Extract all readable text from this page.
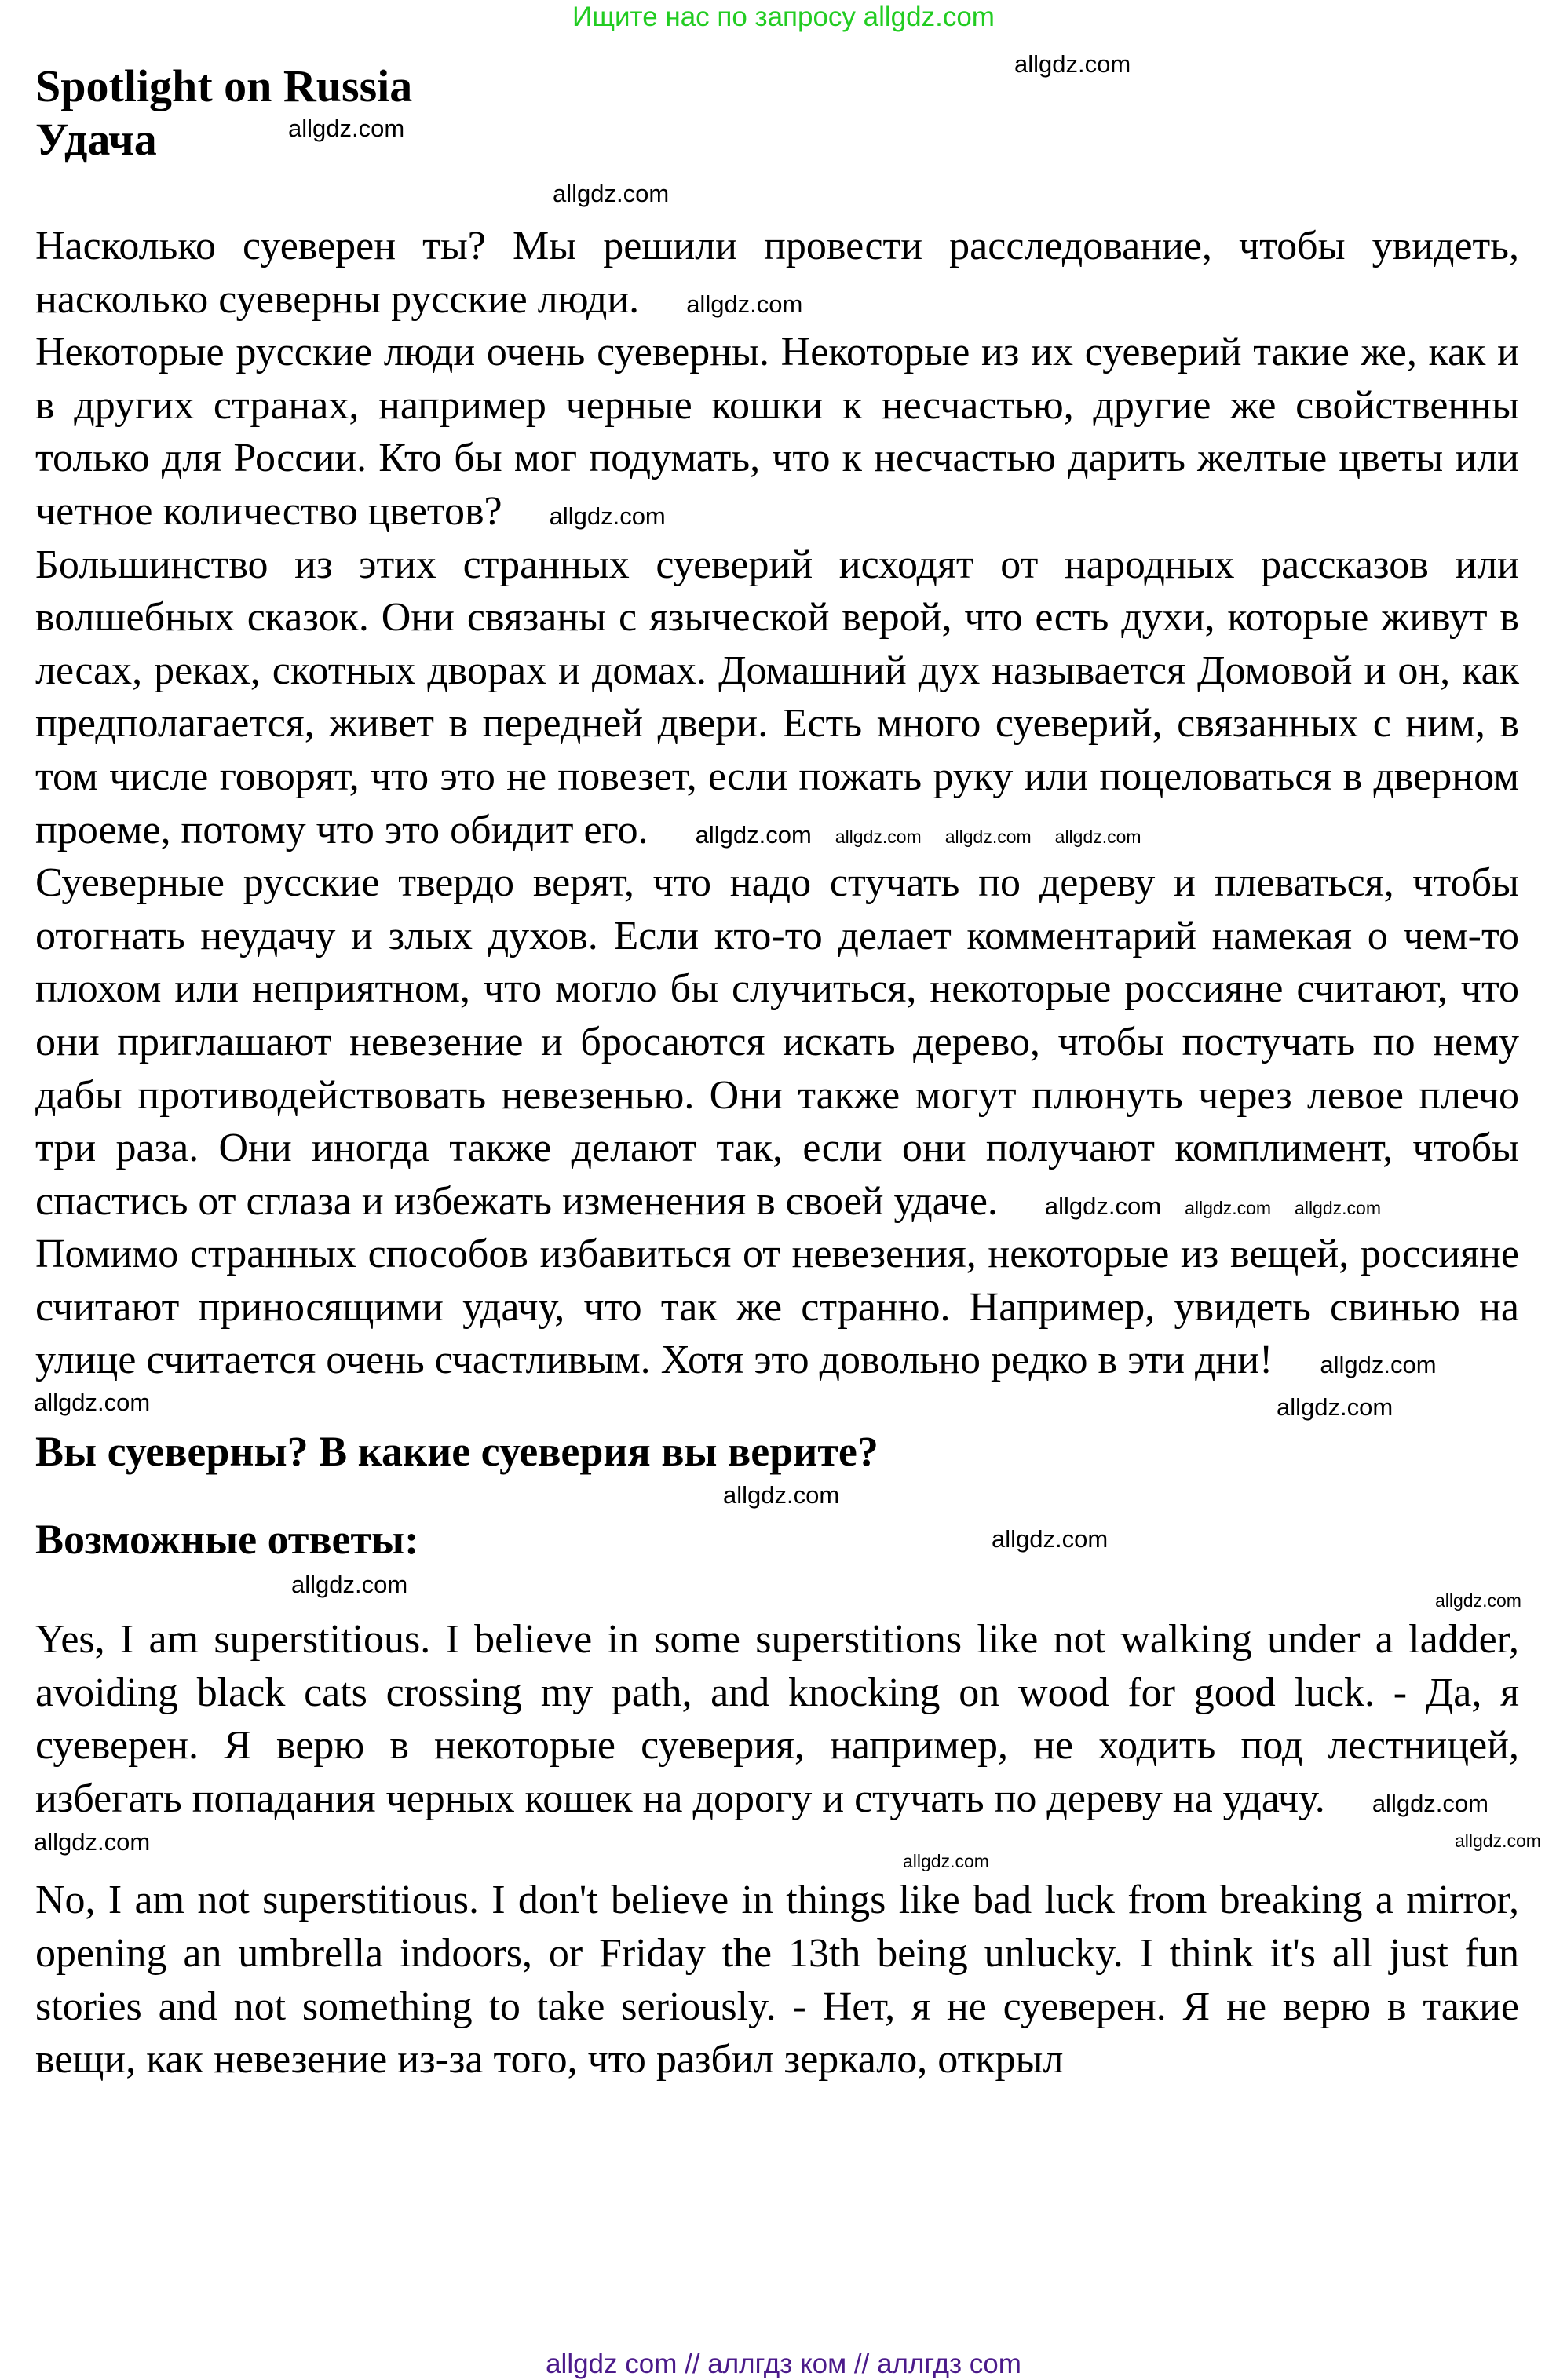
Ищите нас по запросу allgdz.com
Spotlight on Russia
Удача
allgdz.com
allgdz.com
allgdz.com

Насколько суеверен ты? Мы решили провести расследование, чтобы увидеть, насколько суеверны русские люди. allgdz.com

Некоторые русские люди очень суеверны. Некоторые из их суеверий такие же, как и в других странах, например черные кошки к несчастью, другие же свойственны только для России. Кто бы мог подумать, что к несчастью дарить желтые цветы или четное количество цветов? allgdz.com

Большинство из этих странных суеверий исходят от народных рассказов или волшебных сказок. Они связаны с языческой верой, что есть духи, которые живут в лесах, реках, скотных дворах и домах. Домашний дух называется Домовой и он, как предполагается, живет в передней двери. Есть много суеверий, связанных с ним, в том числе говорят, что это не повезет, если пожать руку или поцеловаться в дверном проеме, потому что это обидит его. allgdz.com allgdz.com allgdz.com allgdz.com

Суеверные русские твердо верят, что надо стучать по дереву и плеваться, чтобы отогнать неудачу и злых духов. Если кто-то делает комментарий намекая о чем-то плохом или неприятном, что могло бы случиться, некоторые россияне считают, что они приглашают невезение и бросаются искать дерево, чтобы постучать по нему дабы противодействовать невезенью. Они также могут плюнуть через левое плечо три раза. Они иногда также делают так, если они получают комплимент, чтобы спастись от сглаза и избежать изменения в своей удаче. allgdz.com allgdz.com allgdz.com

Помимо странных способов избавиться от невезения, некоторые из вещей, россияне считают приносящими удачу, что так же странно. Например, увидеть свинью на улице считается очень счастливым. Хотя это довольно редко в эти дни! allgdz.com

allgdz.com	allgdz.com
Вы суеверны? В какие суеверия вы верите?
allgdz.com
Возможные ответы:	allgdz.com
allgdz.com
allgdz.com

Yes, I am superstitious. I believe in some superstitions like not walking under a ladder, avoiding black cats crossing my path, and knocking on wood for good luck. - Да, я суеверен. Я верю в некоторые суеверия, например, не ходить под лестницей, избегать попадания черных кошек на дорогу и стучать по дереву на удачу. allgdz.com

allgdz.com	allgdz.com
allgdz.com

No, I am not superstitious. I don't believe in things like bad luck from breaking a mirror, opening an umbrella indoors, or Friday the 13th being unlucky. I think it's all just fun stories and not something to take seriously. - Нет, я не суеверен. Я не верю в такие вещи, как невезение из-за того, что разбил зеркало, открыл

allgdz com // аллгдз ком // аллгдз com
